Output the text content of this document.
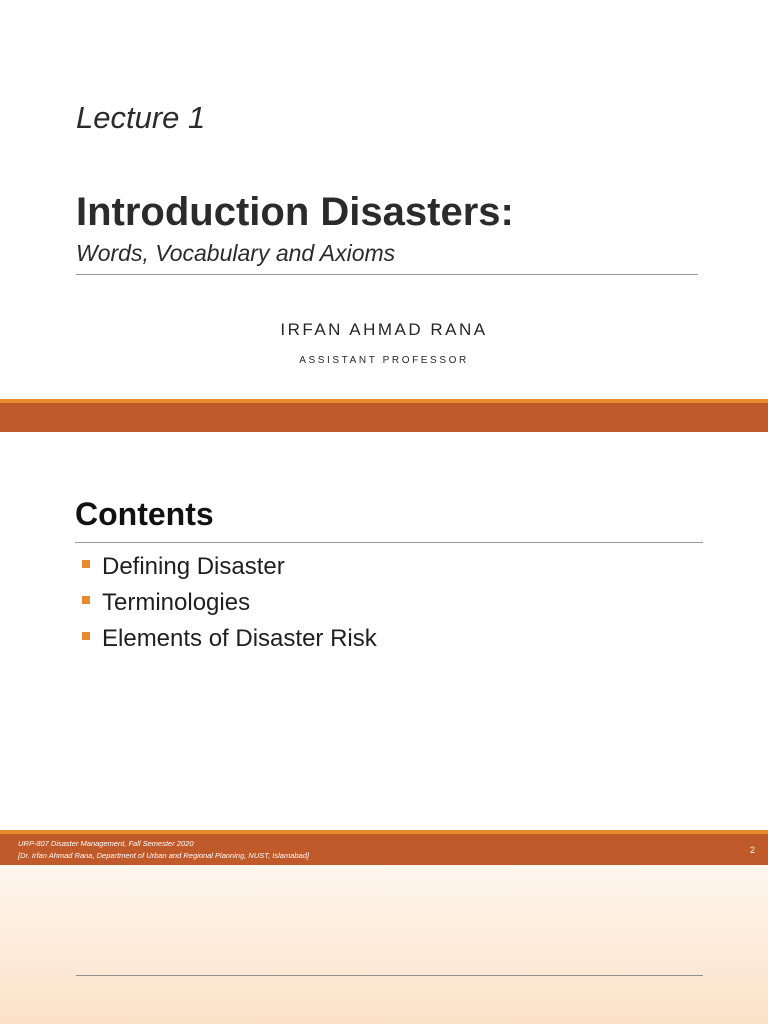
Lecture 1
Introduction Disasters:
Words, Vocabulary and Axioms
IRFAN AHMAD RANA
ASSISTANT PROFESSOR
Contents
Defining Disaster
Terminologies
Elements of Disaster Risk
URP-807 Disaster Management, Fall Semester 2020
[Dr. Irfan Ahmad Rana, Department of Urban and Regional Planning, NUST, Islamabad]
2
